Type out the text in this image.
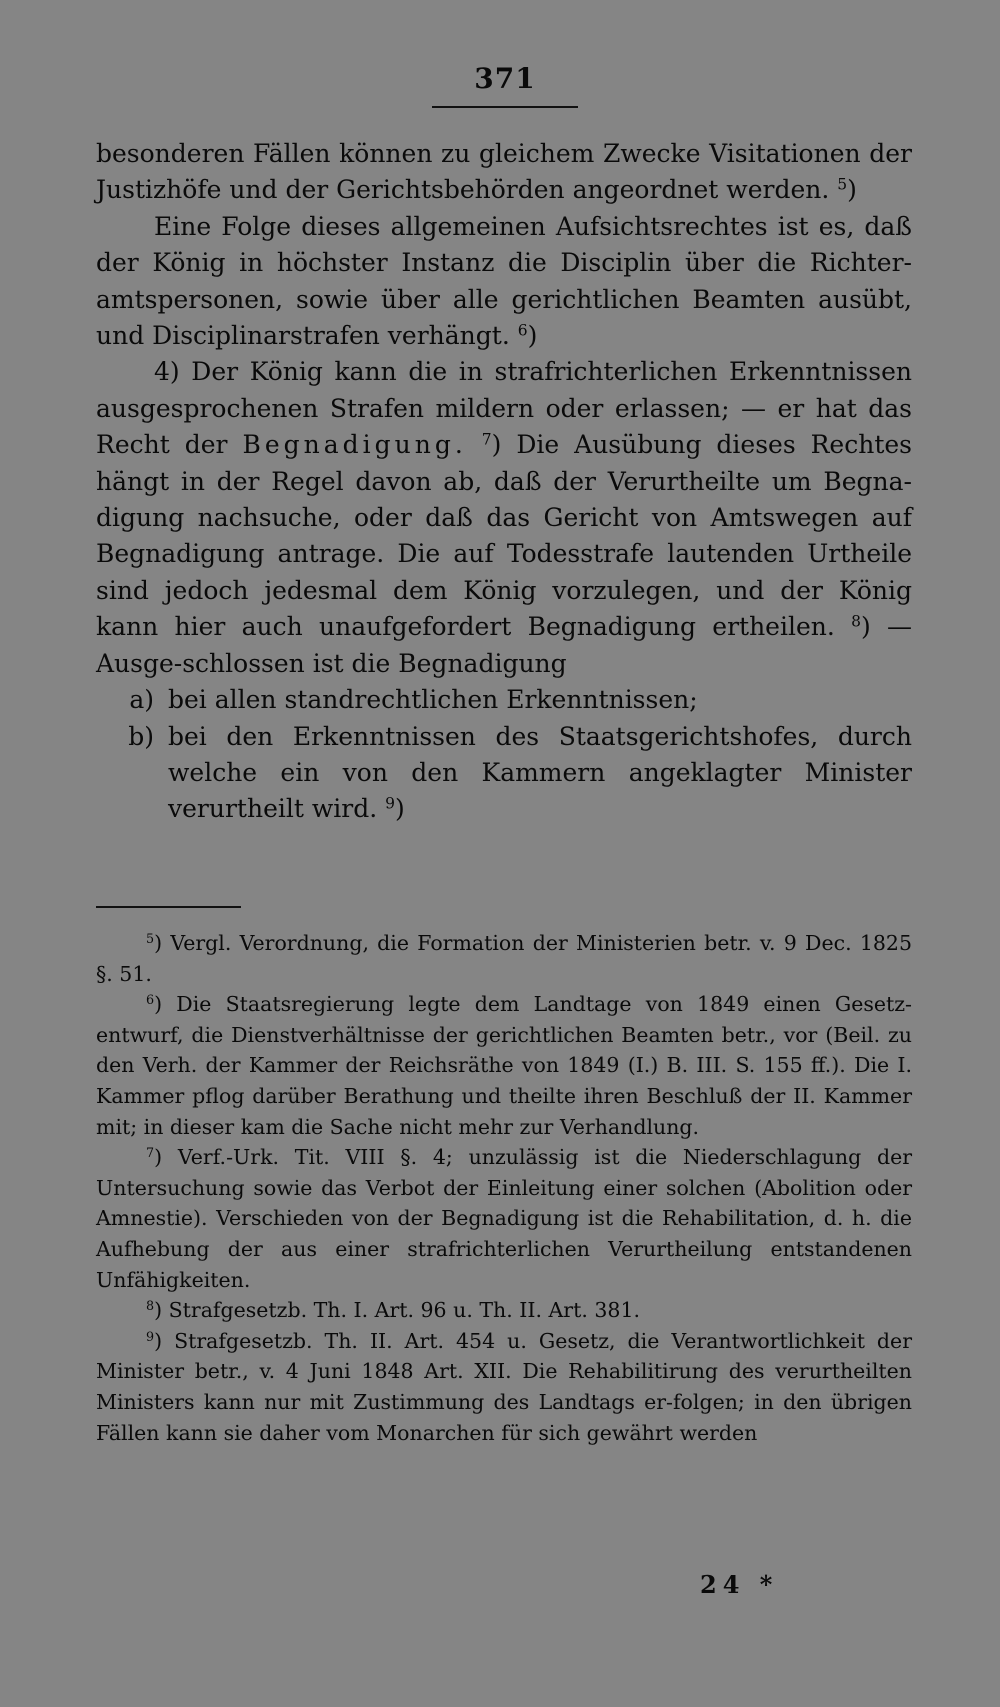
371

besonderen Fällen können zu gleichem Zwecke Visitationen der Justizhöfe und der Gerichtsbehörden angeordnet werden. $^5$)

Eine Folge dieses allgemeinen Aufsichtsrechtes ist es, daß der König in höchster Instanz die Disciplin über die Richter-amtspersonen, sowie über alle gerichtlichen Beamten ausübt, und Disciplinarstrafen verhängt. $^6$)

4) Der König kann die in strafrichterlichen Erkenntnissen ausgesprochenen Strafen mildern oder erlassen; — er hat das Recht der Begnadigung. $^7$) Die Ausübung dieses Rechtes hängt in der Regel davon ab, daß der Verurtheilte um Begna-digung nachsuche, oder daß das Gericht von Amtswegen auf Begnadigung antrage. Die auf Todesstrafe lautenden Urtheile sind jedoch jedesmal dem König vorzulegen, und der König kann hier auch unaufgefordert Begnadigung ertheilen. $^8$) — Ausge-schlossen ist die Begnadigung

a) bei allen standrechtlichen Erkenntnissen;
b) bei den Erkenntnissen des Staatsgerichtshofes, durch welche ein von den Kammern angeklagter Minister verurtheilt wird. $^9$)

$^5$) Vergl. Verordnung, die Formation der Ministerien betr. v. 9 Dec. 1825 §. 51.

$^6$) Die Staatsregierung legte dem Landtage von 1849 einen Gesetz-entwurf, die Dienstverhältnisse der gerichtlichen Beamten betr., vor (Beil. zu den Verh. der Kammer der Reichsräthe von 1849 (I.) B. III. S. 155 ff.). Die I. Kammer pflog darüber Berathung und theilte ihren Beschluß der II. Kammer mit; in dieser kam die Sache nicht mehr zur Verhandlung.

$^7$) Verf.-Urk. Tit. VIII §. 4; unzulässig ist die Niederschlagung der Untersuchung sowie das Verbot der Einleitung einer solchen (Abolition oder Amnestie). Verschieden von der Begnadigung ist die Rehabilitation, d. h. die Aufhebung der aus einer strafrichterlichen Verurtheilung entstandenen Unfähigkeiten.

$^8$) Strafgesetzb. Th. I. Art. 96 u. Th. II. Art. 381.

$^9$) Strafgesetzb. Th. II. Art. 454 u. Gesetz, die Verantwortlichkeit der Minister betr., v. 4 Juni 1848 Art. XII. Die Rehabilitirung des verurtheilten Ministers kann nur mit Zustimmung des Landtags er-folgen; in den übrigen Fällen kann sie daher vom Monarchen für sich gewährt werden

24 *
